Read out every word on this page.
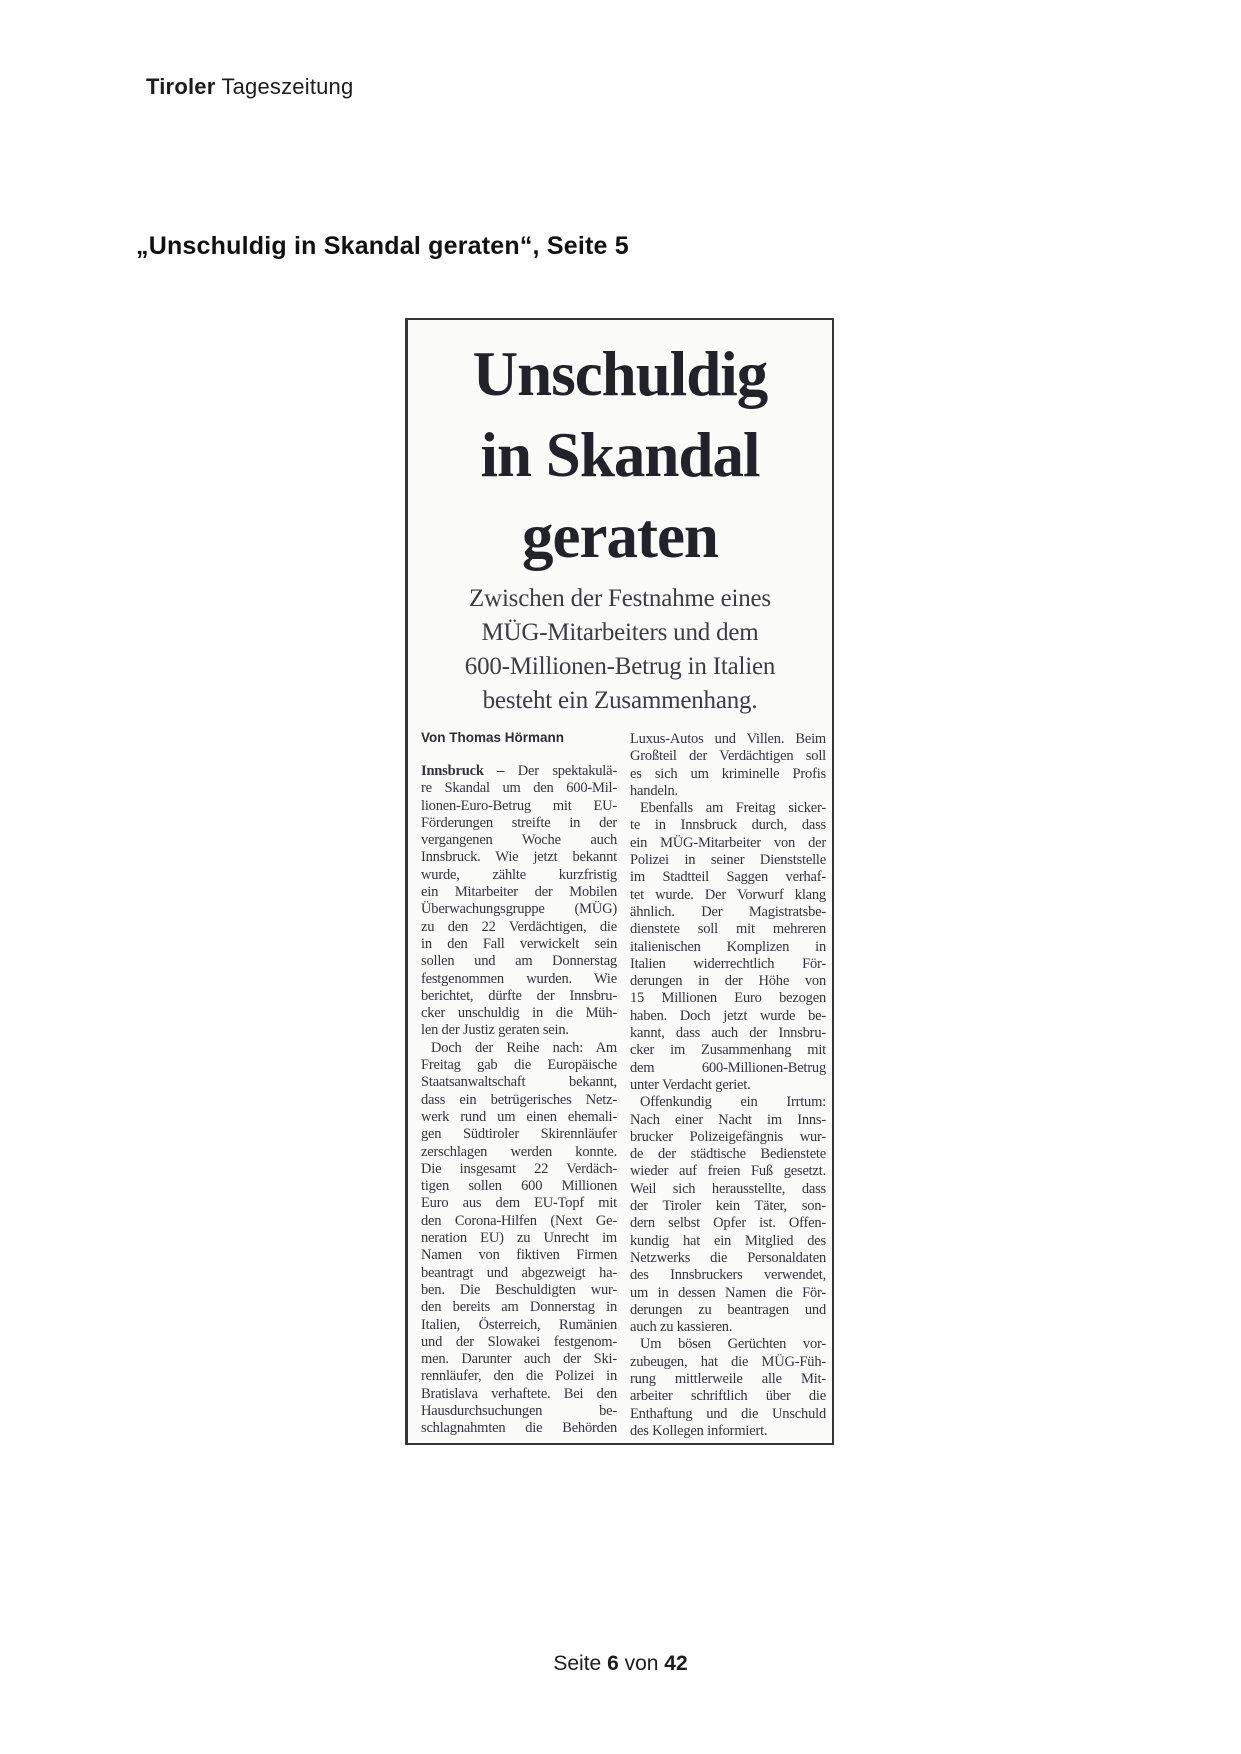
Tiroler Tageszeitung
„Unschuldig in Skandal geraten“, Seite 5
Unschuldig
in Skandal
geraten
Zwischen der Festnahme eines
MÜG-Mitarbeiters und dem
600-Millionen-Betrug in Italien
besteht ein Zusammenhang.
Von Thomas Hörmann
Innsbruck – Der spektakulä-
re Skandal um den 600-Mil-
lionen-Euro-Betrug mit EU-
Förderungen streifte in der
vergangenen Woche auch
Innsbruck. Wie jetzt bekannt
wurde, zählte kurzfristig
ein Mitarbeiter der Mobilen
Überwachungsgruppe (MÜG)
zu den 22 Verdächtigen, die
in den Fall verwickelt sein
sollen und am Donnerstag
festgenommen wurden. Wie
berichtet, dürfte der Innsbru-
cker unschuldig in die Müh-
len der Justiz geraten sein.
Doch der Reihe nach: Am
Freitag gab die Europäische
Staatsanwaltschaft bekannt,
dass ein betrügerisches Netz-
werk rund um einen ehemali-
gen Südtiroler Skirennläufer
zerschlagen werden konnte.
Die insgesamt 22 Verdäch-
tigen sollen 600 Millionen
Euro aus dem EU-Topf mit
den Corona-Hilfen (Next Ge-
neration EU) zu Unrecht im
Namen von fiktiven Firmen
beantragt und abgezweigt ha-
ben. Die Beschuldigten wur-
den bereits am Donnerstag in
Italien, Österreich, Rumänien
und der Slowakei festgenom-
men. Darunter auch der Ski-
rennläufer, den die Polizei in
Bratislava verhaftete. Bei den
Hausdurchsuchungen be-
schlagnahmten die Behörden
Luxus-Autos und Villen. Beim
Großteil der Verdächtigen soll
es sich um kriminelle Profis
handeln.
Ebenfalls am Freitag sicker-
te in Innsbruck durch, dass
ein MÜG-Mitarbeiter von der
Polizei in seiner Dienststelle
im Stadtteil Saggen verhaf-
tet wurde. Der Vorwurf klang
ähnlich. Der Magistratsbe-
dienstete soll mit mehreren
italienischen Komplizen in
Italien widerrechtlich För-
derungen in der Höhe von
15 Millionen Euro bezogen
haben. Doch jetzt wurde be-
kannt, dass auch der Innsbru-
cker im Zusammenhang mit
dem 600-Millionen-Betrug
unter Verdacht geriet.
Offenkundig ein Irrtum:
Nach einer Nacht im Inns-
brucker Polizeigefängnis wur-
de der städtische Bedienstete
wieder auf freien Fuß gesetzt.
Weil sich herausstellte, dass
der Tiroler kein Täter, son-
dern selbst Opfer ist. Offen-
kundig hat ein Mitglied des
Netzwerks die Personaldaten
des Innsbruckers verwendet,
um in dessen Namen die För-
derungen zu beantragen und
auch zu kassieren.
Um bösen Gerüchten vor-
zubeugen, hat die MÜG-Füh-
rung mittlerweile alle Mit-
arbeiter schriftlich über die
Enthaftung und die Unschuld
des Kollegen informiert.
Seite 6 von 42
